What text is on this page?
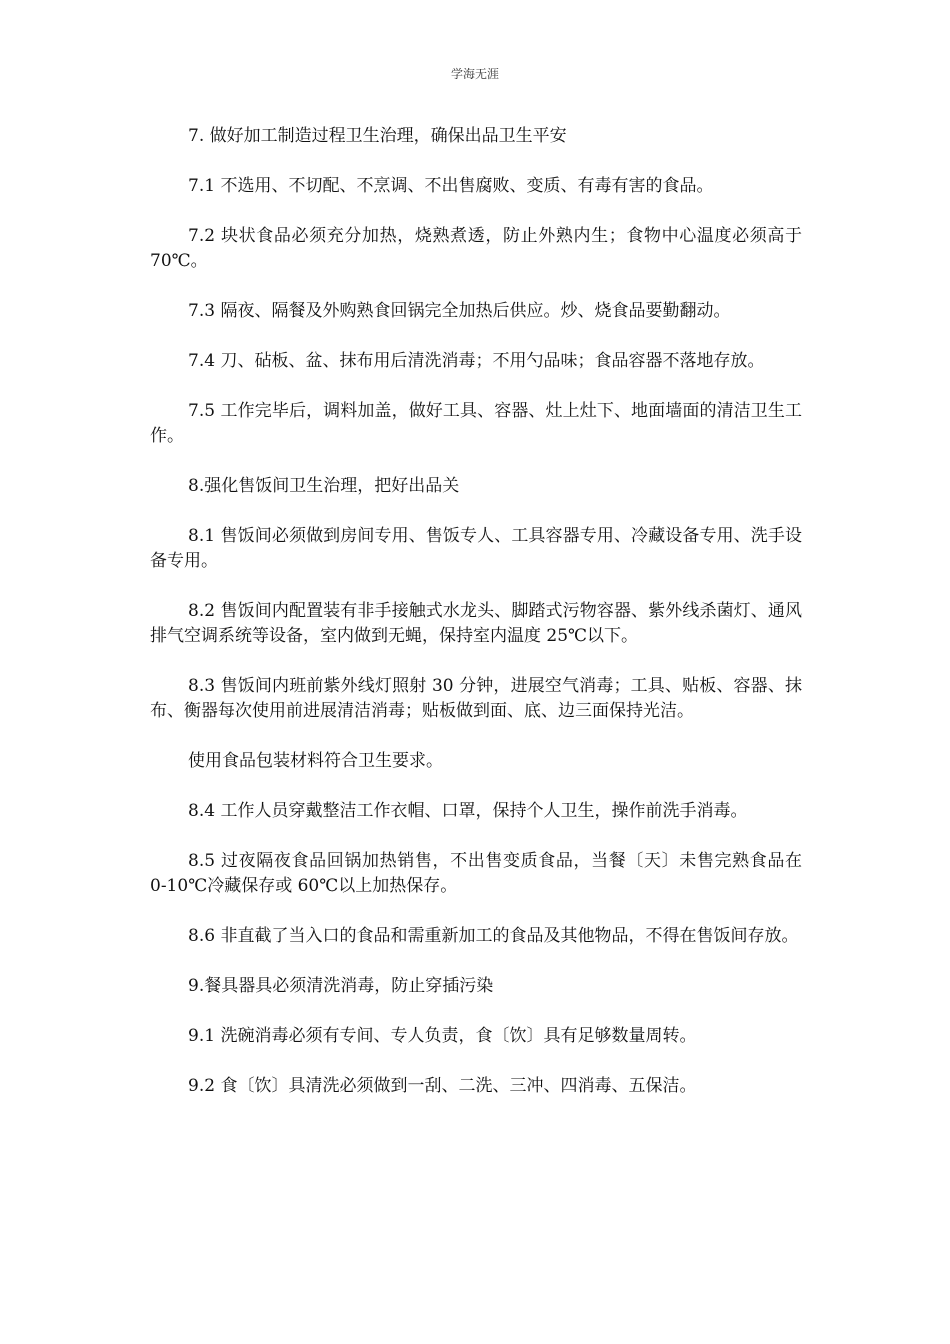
学海无涯

7. 做好加工制造过程卫生治理，确保出品卫生平安

7.1 不选用、不切配、不烹调、不出售腐败、变质、有毒有害的食品。

7.2 块状食品必须充分加热，烧熟煮透，防止外熟内生；食物中心温度必须高于 70℃。

7.3 隔夜、隔餐及外购熟食回锅完全加热后供应。炒、烧食品要勤翻动。

7.4 刀、砧板、盆、抹布用后清洗消毒；不用勺品味；食品容器不落地存放。

7.5 工作完毕后，调料加盖，做好工具、容器、灶上灶下、地面墙面的清洁卫生工作。

8.强化售饭间卫生治理，把好出品关

8.1 售饭间必须做到房间专用、售饭专人、工具容器专用、冷藏设备专用、洗手设备专用。

8.2 售饭间内配置装有非手接触式水龙头、脚踏式污物容器、紫外线杀菌灯、通风排气空调系统等设备，室内做到无蝇，保持室内温度 25℃以下。

8.3 售饭间内班前紫外线灯照射 30 分钟，进展空气消毒；工具、贴板、容器、抹布、衡器每次使用前进展清洁消毒；贴板做到面、底、边三面保持光洁。

使用食品包装材料符合卫生要求。

8.4 工作人员穿戴整洁工作衣帽、口罩，保持个人卫生，操作前洗手消毒。

8.5 过夜隔夜食品回锅加热销售，不出售变质食品，当餐〔天〕未售完熟食品在 0-10℃冷藏保存或 60℃以上加热保存。

8.6 非直截了当入口的食品和需重新加工的食品及其他物品，不得在售饭间存放。

9.餐具器具必须清洗消毒，防止穿插污染

9.1 洗碗消毒必须有专间、专人负责，食〔饮〕具有足够数量周转。

9.2 食〔饮〕具清洗必须做到一刮、二洗、三冲、四消毒、五保洁。
